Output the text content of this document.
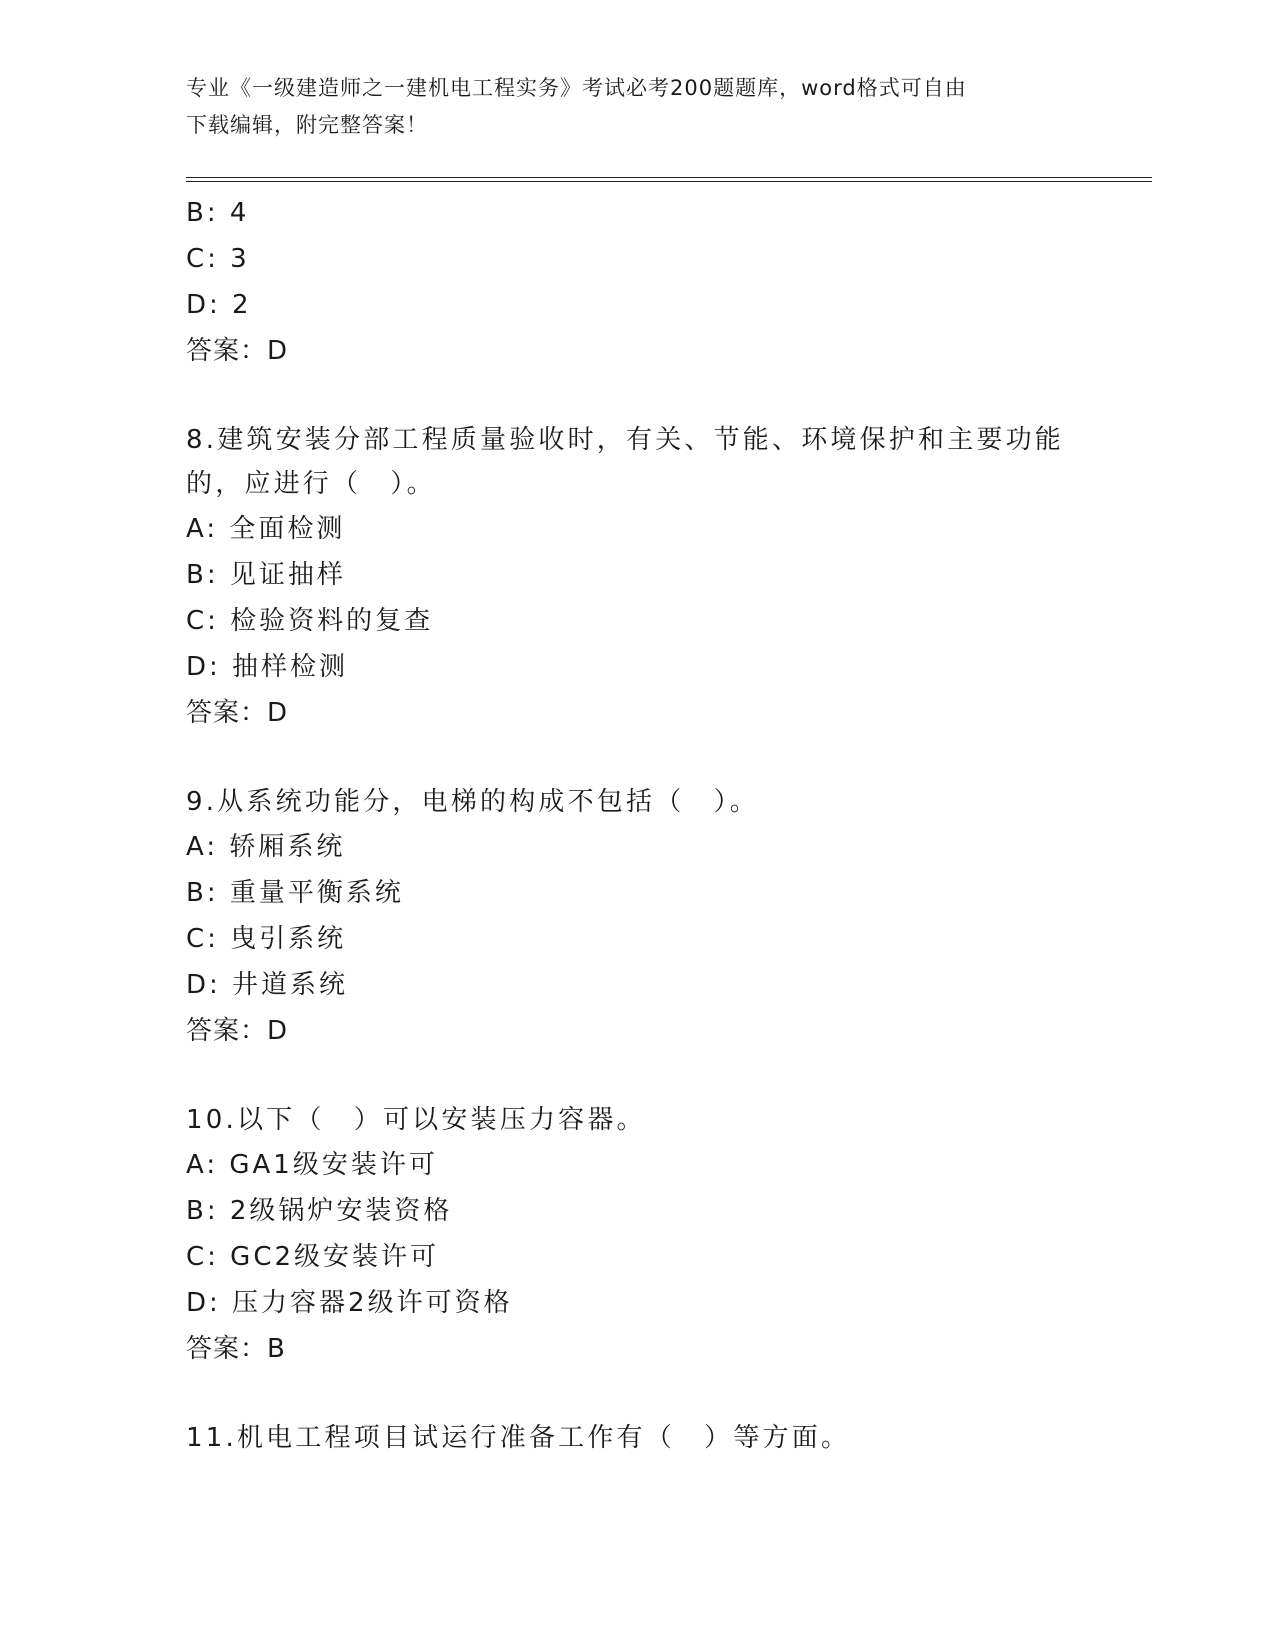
专业《一级建造师之一建机电工程实务》考试必考200题题库，word格式可自由
下载编辑，附完整答案！
B: 4
C: 3
D: 2
答案：D
8.建筑安装分部工程质量验收时，有关、节能、环境保护和主要功能
的，应进行（　）。
A: 全面检测
B: 见证抽样
C: 检验资料的复查
D: 抽样检测
答案：D
9.从系统功能分，电梯的构成不包括（　）。
A: 轿厢系统
B: 重量平衡系统
C: 曳引系统
D: 井道系统
答案：D
10.以下（　）可以安装压力容器。
A: GA1级安装许可
B: 2级锅炉安装资格
C: GC2级安装许可
D: 压力容器2级许可资格
答案：B
11.机电工程项目试运行准备工作有（　）等方面。
